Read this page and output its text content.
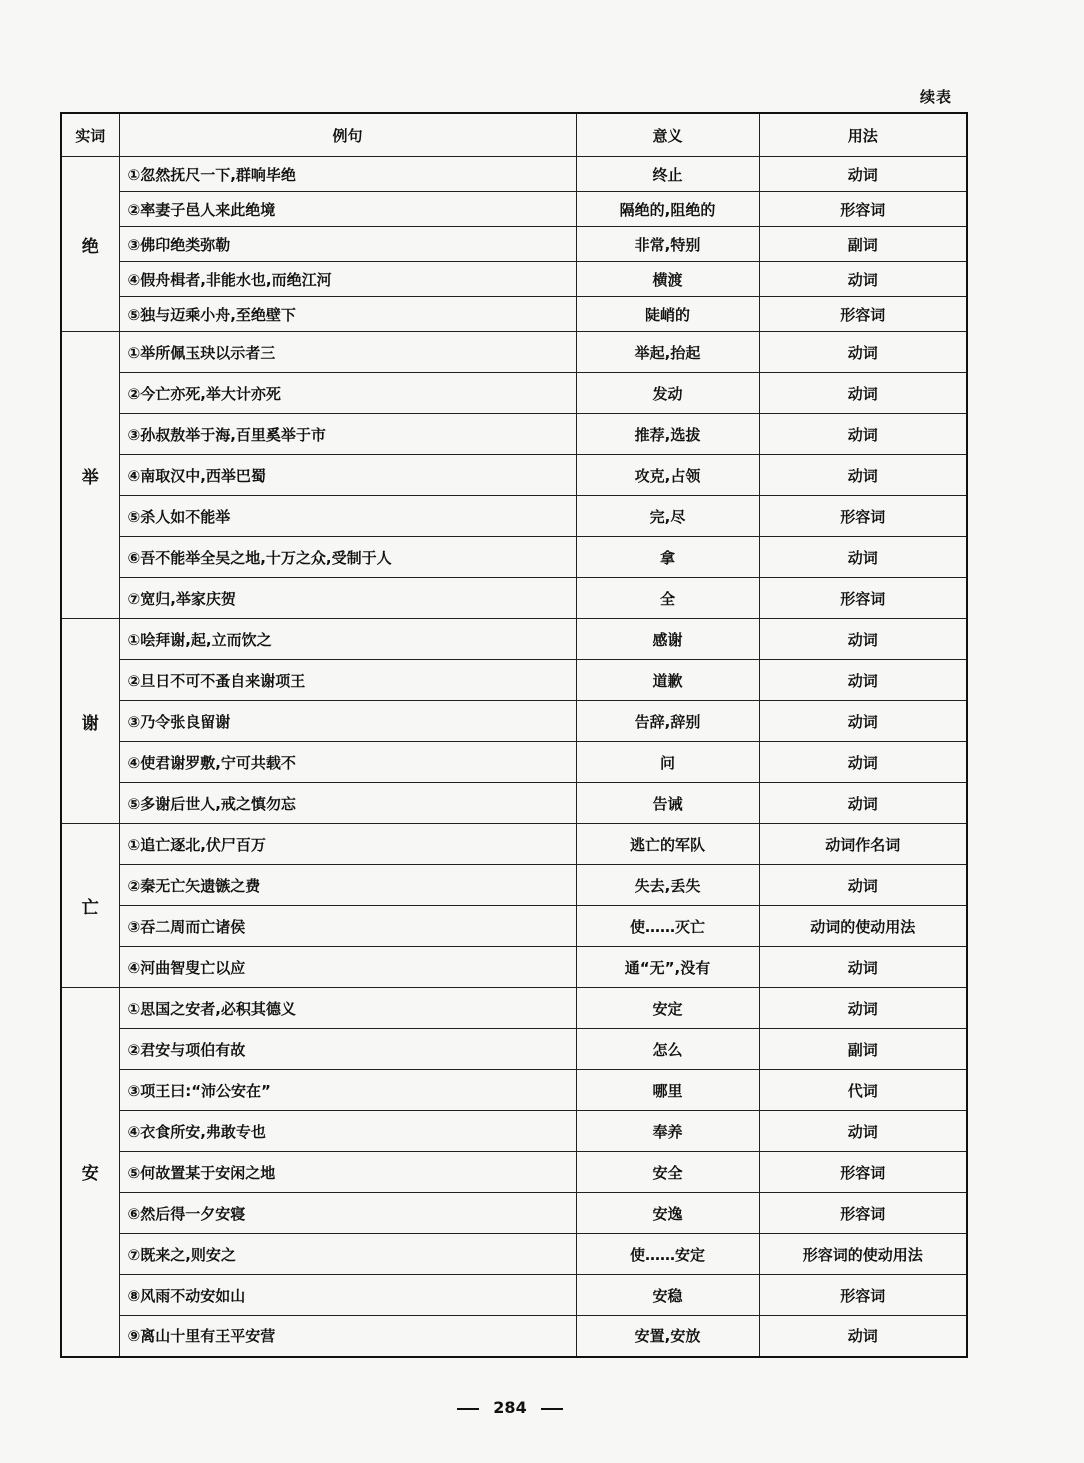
续表
实词	例句	意义	用法
绝	①忽然抚尺一下,群响毕绝	终止	动词
	②率妻子邑人来此绝境	隔绝的,阻绝的	形容词
	③佛印绝类弥勒	非常,特别	副词
	④假舟楫者,非能水也,而绝江河	横渡	动词
	⑤独与迈乘小舟,至绝壁下	陡峭的	形容词
举	①举所佩玉玦以示者三	举起,抬起	动词
	②今亡亦死,举大计亦死	发动	动词
	③孙叔敖举于海,百里奚举于市	推荐,选拔	动词
	④南取汉中,西举巴蜀	攻克,占领	动词
	⑤杀人如不能举	完,尽	形容词
	⑥吾不能举全吴之地,十万之众,受制于人	拿	动词
	⑦宽归,举家庆贺	全	形容词
谢	①哙拜谢,起,立而饮之	感谢	动词
	②旦日不可不蚤自来谢项王	道歉	动词
	③乃令张良留谢	告辞,辞别	动词
	④使君谢罗敷,宁可共载不	问	动词
	⑤多谢后世人,戒之慎勿忘	告诫	动词
亡	①追亡逐北,伏尸百万	逃亡的军队	动词作名词
	②秦无亡矢遗镞之费	失去,丢失	动词
	③吞二周而亡诸侯	使……灭亡	动词的使动用法
	④河曲智叟亡以应	通“无”,没有	动词
安	①思国之安者,必积其德义	安定	动词
	②君安与项伯有故	怎么	副词
	③项王曰:“沛公安在”	哪里	代词
	④衣食所安,弗敢专也	奉养	动词
	⑤何故置某于安闲之地	安全	形容词
	⑥然后得一夕安寝	安逸	形容词
	⑦既来之,则安之	使……安定	形容词的使动用法
	⑧风雨不动安如山	安稳	形容词
	⑨离山十里有王平安营	安置,安放	动词
284
